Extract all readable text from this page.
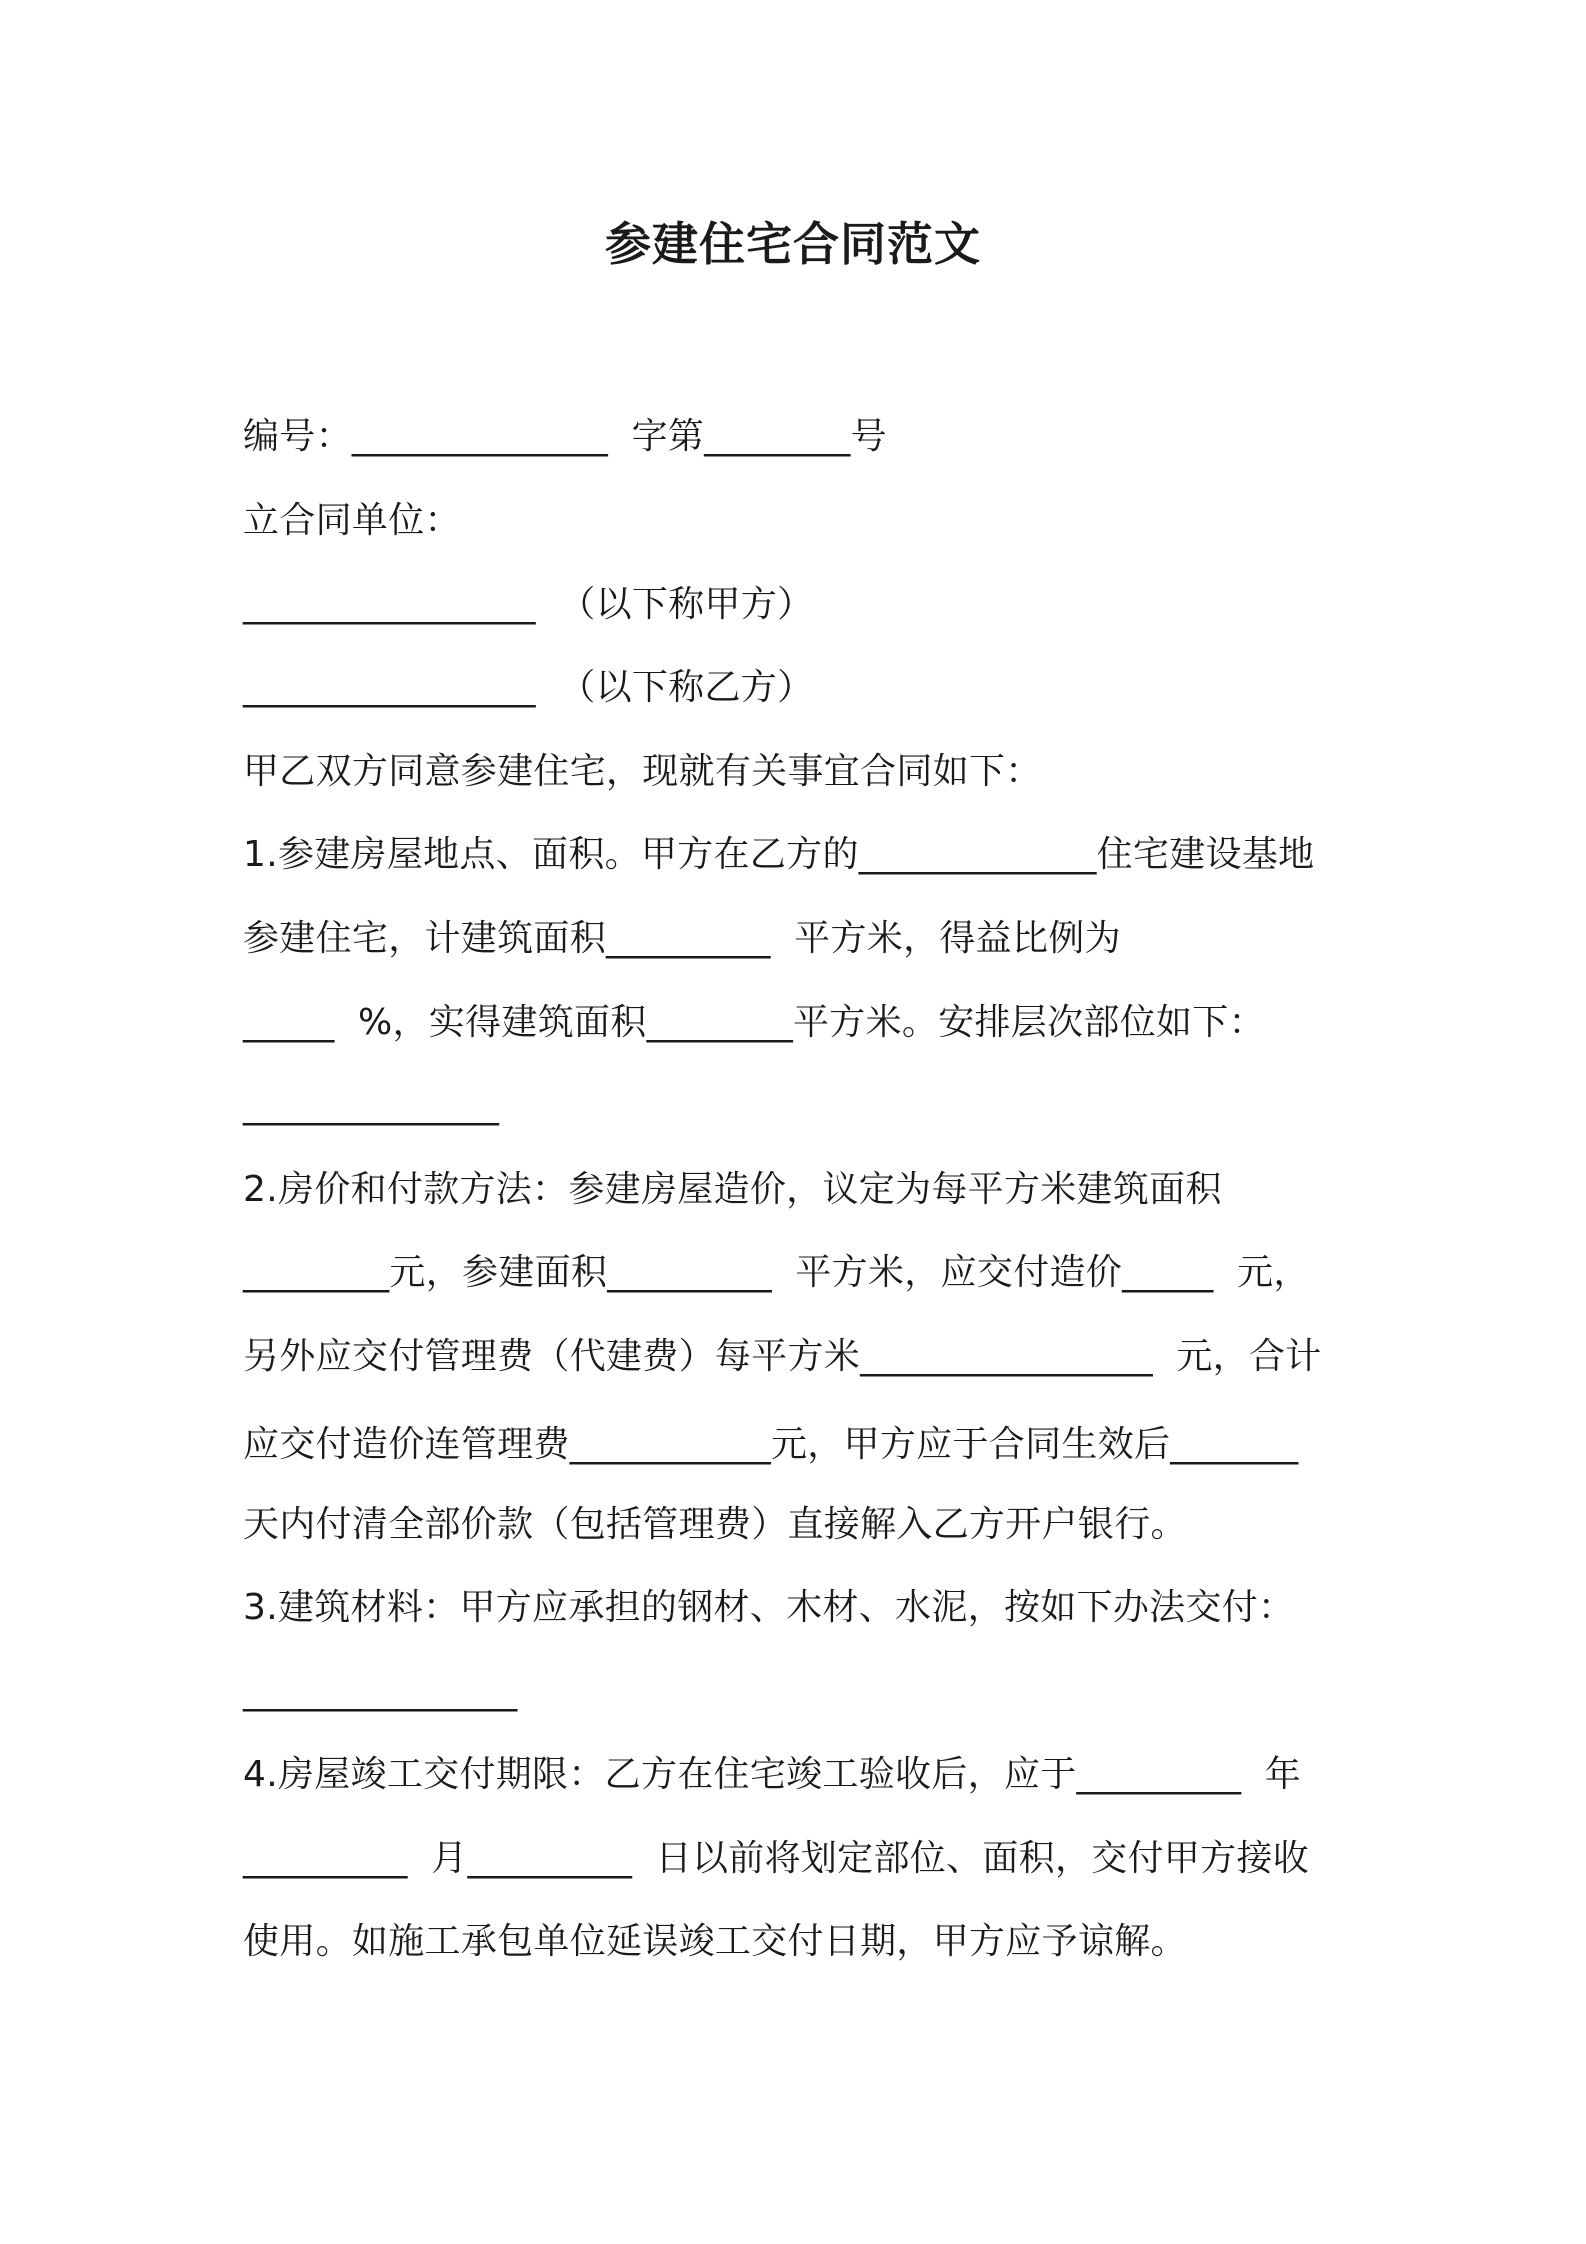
参建住宅合同范文
编号：______________  字第________号
立合同单位：
________________  （以下称甲方）
________________  （以下称乙方）
甲乙双方同意参建住宅，现就有关事宜合同如下：
1.参建房屋地点、面积。甲方在乙方的_____________住宅建设基地
参建住宅，计建筑面积_________  平方米，得益比例为
_____  %，实得建筑面积________平方米。安排层次部位如下：
______________
2.房价和付款方法：参建房屋造价，议定为每平方米建筑面积
________元，参建面积_________  平方米，应交付造价_____  元，
另外应交付管理费（代建费）每平方米________________  元，合计
应交付造价连管理费___________元，甲方应于合同生效后_______
天内付清全部价款（包括管理费）直接解入乙方开户银行。
3.建筑材料：甲方应承担的钢材、木材、水泥，按如下办法交付：
_______________
4.房屋竣工交付期限：乙方在住宅竣工验收后，应于_________  年
_________  月_________  日以前将划定部位、面积，交付甲方接收
使用。如施工承包单位延误竣工交付日期，甲方应予谅解。
